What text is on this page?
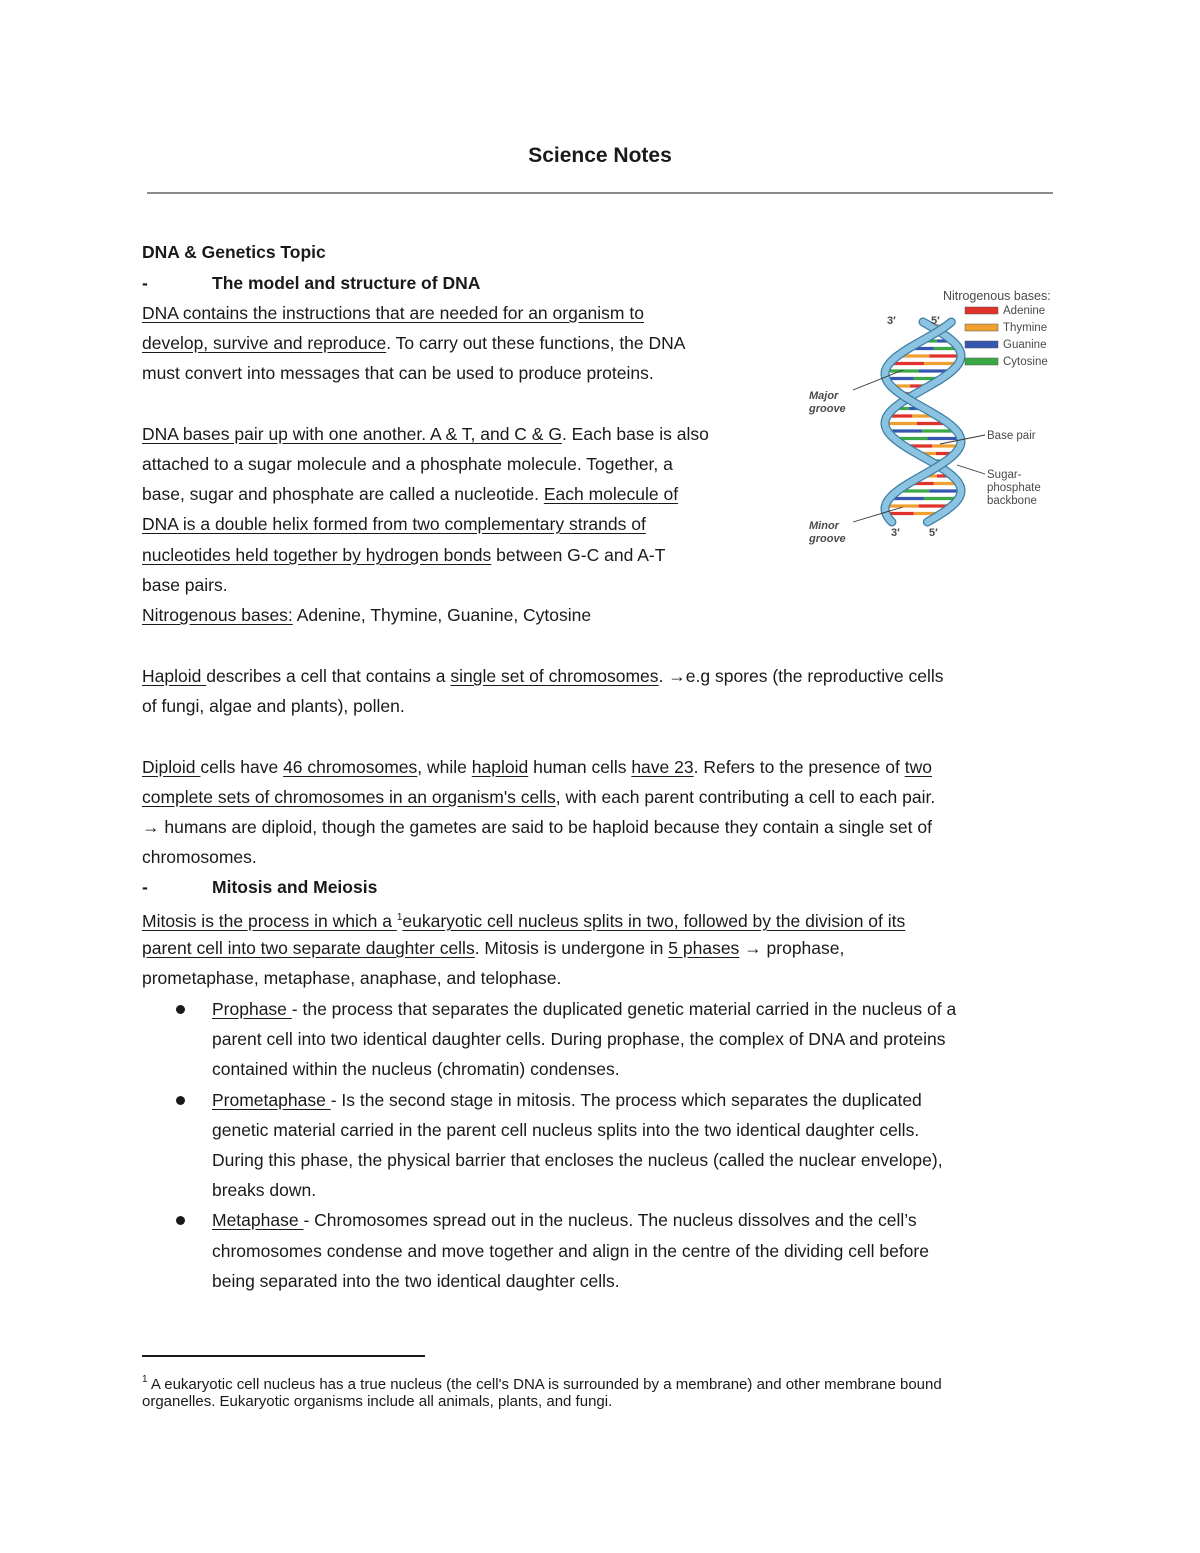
Science Notes
DNA & Genetics Topic
-	The model and structure of DNA
DNA contains the instructions that are needed for an organism to
develop, survive and reproduce. To carry out these functions, the DNA
must convert into messages that can be used to produce proteins.
DNA bases pair up with one another. A & T, and C & G. Each base is also
attached to a sugar molecule and a phosphate molecule. Together, a
base, sugar and phosphate are called a nucleotide. Each molecule of
DNA is a double helix formed from two complementary strands of
nucleotides held together by hydrogen bonds between G-C and A-T
base pairs.
Nitrogenous bases: Adenine, Thymine, Guanine, Cytosine
Haploid describes a cell that contains a single set of chromosomes. →e.g spores (the reproductive cells
of fungi, algae and plants), pollen.
Diploid cells have 46 chromosomes, while haploid human cells have 23. Refers to the presence of two
complete sets of chromosomes in an organism's cells, with each parent contributing a cell to each pair.
→ humans are diploid, though the gametes are said to be haploid because they contain a single set of
chromosomes.
-	Mitosis and Meiosis
Mitosis is the process in which a $^1$eukaryotic cell nucleus splits in two, followed by the division of its
parent cell into two separate daughter cells. Mitosis is undergone in 5 phases → prophase,
prometaphase, metaphase, anaphase, and telophase.
Prophase - the process that separates the duplicated genetic material carried in the nucleus of a
parent cell into two identical daughter cells. During prophase, the complex of DNA and proteins
contained within the nucleus (chromatin) condenses.
Prometaphase - Is the second stage in mitosis. The process which separates the duplicated
genetic material carried in the parent cell nucleus splits into the two identical daughter cells.
During this phase, the physical barrier that encloses the nucleus (called the nuclear envelope),
breaks down.
Metaphase - Chromosomes spread out in the nucleus. The nucleus dissolves and the cell’s
chromosomes condense and move together and align in the centre of the dividing cell before
being separated into the two identical daughter cells.
$^1$ A eukaryotic cell nucleus has a true nucleus (the cell's DNA is surrounded by a membrane) and other membrane bound
organelles. Eukaryotic organisms include all animals, plants, and fungi.
Nitrogenous bases:
Adenine
Thymine
Guanine
Cytosine
3′	5′
3′	5′
Major groove
Minor groove
Base pair
Sugar-phosphate backbone
